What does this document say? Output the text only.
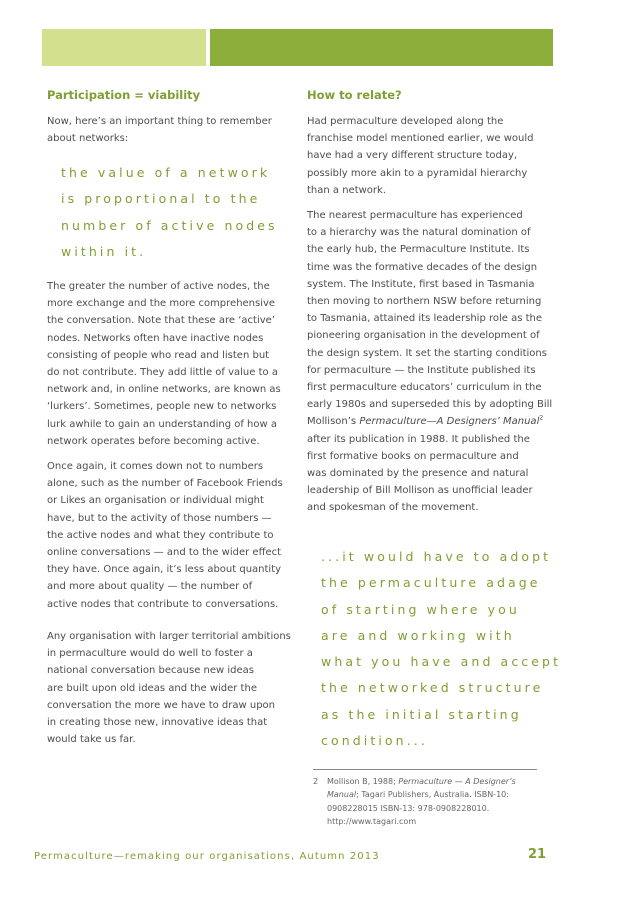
Participation = viability

Now, here’s an important thing to remember
about networks:

the value of a network
is proportional to the
number of active nodes
within it.

The greater the number of active nodes, the
more exchange and the more comprehensive
the conversation. Note that these are ‘active’
nodes. Networks often have inactive nodes
consisting of people who read and listen but
do not contribute. They add little of value to a
network and, in online networks, are known as
‘lurkers’. Sometimes, people new to networks
lurk awhile to gain an understanding of how a
network operates before becoming active.

Once again, it comes down not to numbers
alone, such as the number of Facebook Friends
or Likes an organisation or individual might
have, but to the activity of those numbers —
the active nodes and what they contribute to
online conversations — and to the wider effect
they have. Once again, it’s less about quantity
and more about quality — the number of
active nodes that contribute to conversations.

Any organisation with larger territorial ambitions
in permaculture would do well to foster a
national conversation because new ideas
are built upon old ideas and the wider the
conversation the more we have to draw upon
in creating those new, innovative ideas that
would take us far.

How to relate?

Had permaculture developed along the
franchise model mentioned earlier, we would
have had a very different structure today,
possibly more akin to a pyramidal hierarchy
than a network.

The nearest permaculture has experienced
to a hierarchy was the natural domination of
the early hub, the Permaculture Institute. Its
time was the formative decades of the design
system. The Institute, first based in Tasmania
then moving to northern NSW before returning
to Tasmania, attained its leadership role as the
pioneering organisation in the development of
the design system. It set the starting conditions
for permaculture — the Institute published its
first permaculture educators’ curriculum in the
early 1980s and superseded this by adopting Bill
Mollison’s Permaculture—A Designers’ Manual$^2$
after its publication in 1988. It published the
first formative books on permaculture and
was dominated by the presence and natural
leadership of Bill Mollison as unofficial leader
and spokesman of the movement.

...it would have to adopt
the permaculture adage
of starting where you
are and working with
what you have and accept
the networked structure
as the initial starting
condition...

2 Mollison B, 1988; Permaculture — A Designer’s
Manual; Tagari Publishers, Australia. ISBN-10:
0908228015 ISBN-13: 978-0908228010.
http://www.tagari.com

Permaculture—remaking our organisations, Autumn 2013	21
